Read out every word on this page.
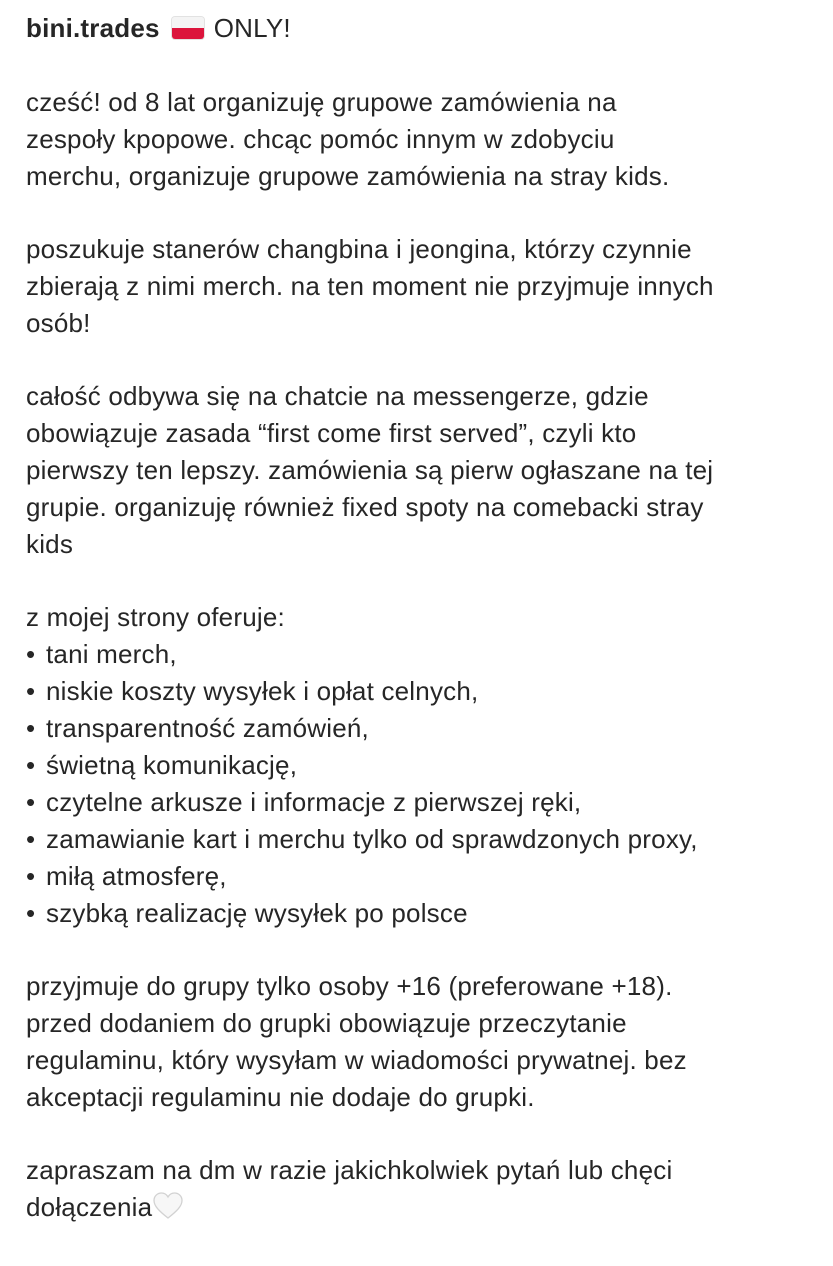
bini.trades ONLY!
cześć! od 8 lat organizuję grupowe zamówienia na
zespoły kpopowe. chcąc pomóc innym w zdobyciu
merchu, organizuje grupowe zamówienia na stray kids.
poszukuje stanerów changbina i jeongina, którzy czynnie
zbierają z nimi merch. na ten moment nie przyjmuje innych
osób!
całość odbywa się na chatcie na messengerze, gdzie
obowiązuje zasada “first come first served”, czyli kto
pierwszy ten lepszy. zamówienia są pierw ogłaszane na tej
grupie. organizuję również fixed spoty na comebacki stray
kids
z mojej strony oferuje:
• tani merch,
• niskie koszty wysyłek i opłat celnych,
• transparentność zamówień,
• świetną komunikację,
• czytelne arkusze i informacje z pierwszej ręki,
• zamawianie kart i merchu tylko od sprawdzonych proxy,
• miłą atmosferę,
• szybką realizację wysyłek po polsce
przyjmuje do grupy tylko osoby +16 (preferowane +18).
przed dodaniem do grupki obowiązuje przeczytanie
regulaminu, który wysyłam w wiadomości prywatnej. bez
akceptacji regulaminu nie dodaje do grupki.
zapraszam na dm w razie jakichkolwiek pytań lub chęci
dołączenia
